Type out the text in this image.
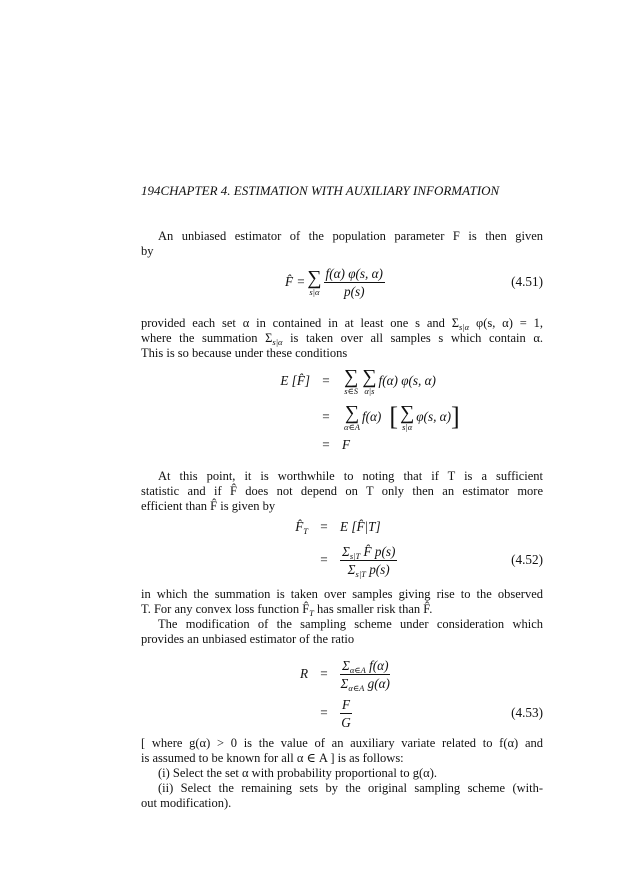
194CHAPTER 4. ESTIMATION WITH AUXILIARY INFORMATION
An unbiased estimator of the population parameter F is then given
by
F̂ = ∑
$s|\alpha \frac{f(\alpha) \varphi(s, \alpha)}{p(s)}$	(4.51)
provided each set α in contained in at least one s and $\Sigma_{s|\alpha}$ φ(s, α) = 1,
where the summation $\Sigma_{s|\alpha}$ is taken over all samples s which contain α.
This is so because under these conditions
E [F̂] = ∑
s∈S
∑
α|s
f(α) φ(s, α)
= ∑
α∈A
f(α) [ ∑
s|α
φ(s, α) ]
= F
At this point, it is worthwhile to noting that if T is a sufficient
statistic and if F̂ does not depend on T only then an estimator more
efficient than F̂ is given by
$F̂_T = E$ [F̂|T]
= $\frac{\Sigma_{s|T} F̂ p(s)}{\Sigma_{s|T} p(s)}$	(4.52)
in which the summation is taken over samples giving rise to the observed
T. For any convex loss function $F̂_T$ has smaller risk than F̂.
The modification of the sampling scheme under consideration which
provides an unbiased estimator of the ratio
$R = \frac{\Sigma_{\alpha\in A} f(\alpha)}{\Sigma_{\alpha\in A} g(\alpha)}$
= $\frac{F}{G}$	(4.53)
[ where g(α) > 0 is the value of an auxiliary variate related to f(α) and
is assumed to be known for all α ∈ A ] is as follows:
(i) Select the set α with probability proportional to g(α).
(ii) Select the remaining sets by the original sampling scheme (with-
out modification).
